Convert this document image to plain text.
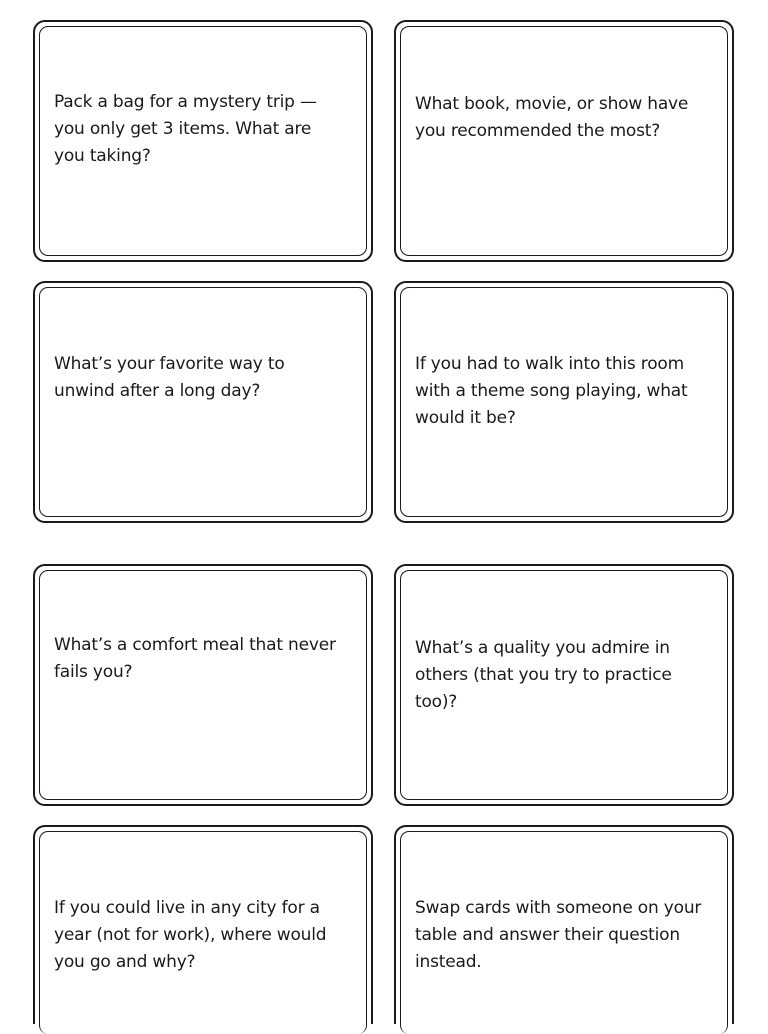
Pack a bag for a mystery trip — you only get 3 items. What are you taking?

What book, movie, or show have you recommended the most?

What’s your favorite way to unwind after a long day?

If you had to walk into this room with a theme song playing, what would it be?

What’s a comfort meal that never fails you?

What’s a quality you admire in others (that you try to practice too)?

If you could live in any city for a year (not for work), where would you go and why?

Swap cards with someone on your table and answer their question instead.
